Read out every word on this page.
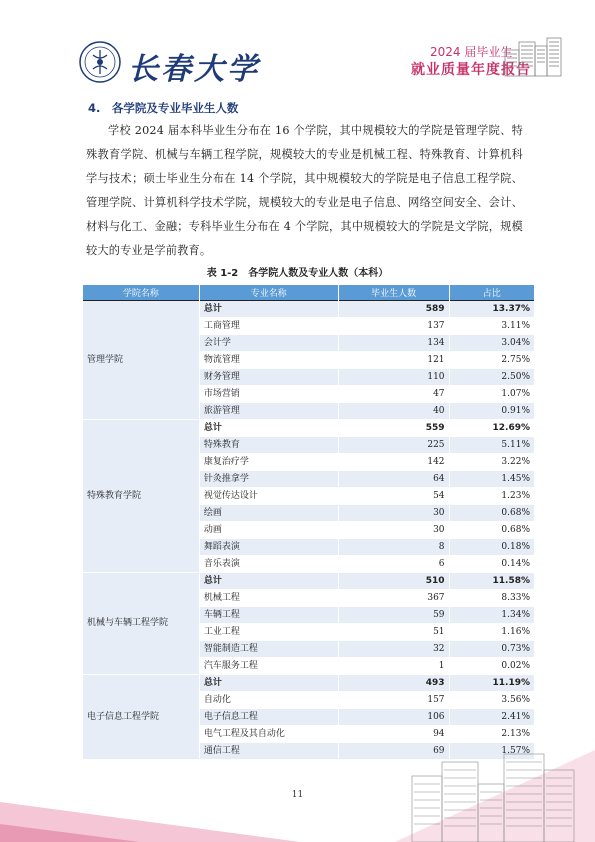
长春大学	2024 届毕业生
就业质量年度报告
4.　各学院及专业毕业生人数

学校 2024 届本科毕业生分布在 16 个学院，其中规模较大的学院是管理学院、特殊教育学院、机械与车辆工程学院，规模较大的专业是机械工程、特殊教育、计算机科学与技术；硕士毕业生分布在 14 个学院，其中规模较大的学院是电子信息工程学院、管理学院、计算机科学技术学院，规模较大的专业是电子信息、网络空间安全、会计、材料与化工、金融；专科毕业生分布在 4 个学院，其中规模较大的学院是文学院，规模较大的专业是学前教育。

表 1-2　各学院人数及专业人数（本科）
学院名称	专业名称	毕业生人数	占比
管理学院	总计	589	13.37%
	工商管理	137	3.11%
	会计学	134	3.04%
	物流管理	121	2.75%
	财务管理	110	2.50%
	市场营销	47	1.07%
	旅游管理	40	0.91%
特殊教育学院	总计	559	12.69%
	特殊教育	225	5.11%
	康复治疗学	142	3.22%
	针灸推拿学	64	1.45%
	视觉传达设计	54	1.23%
	绘画	30	0.68%
	动画	30	0.68%
	舞蹈表演	8	0.18%
	音乐表演	6	0.14%
机械与车辆工程学院	总计	510	11.58%
	机械工程	367	8.33%
	车辆工程	59	1.34%
	工业工程	51	1.16%
	智能制造工程	32	0.73%
	汽车服务工程	1	0.02%
电子信息工程学院	总计	493	11.19%
	自动化	157	3.56%
	电子信息工程	106	2.41%
	电气工程及其自动化	94	2.13%
	通信工程	69	1.57%
11
